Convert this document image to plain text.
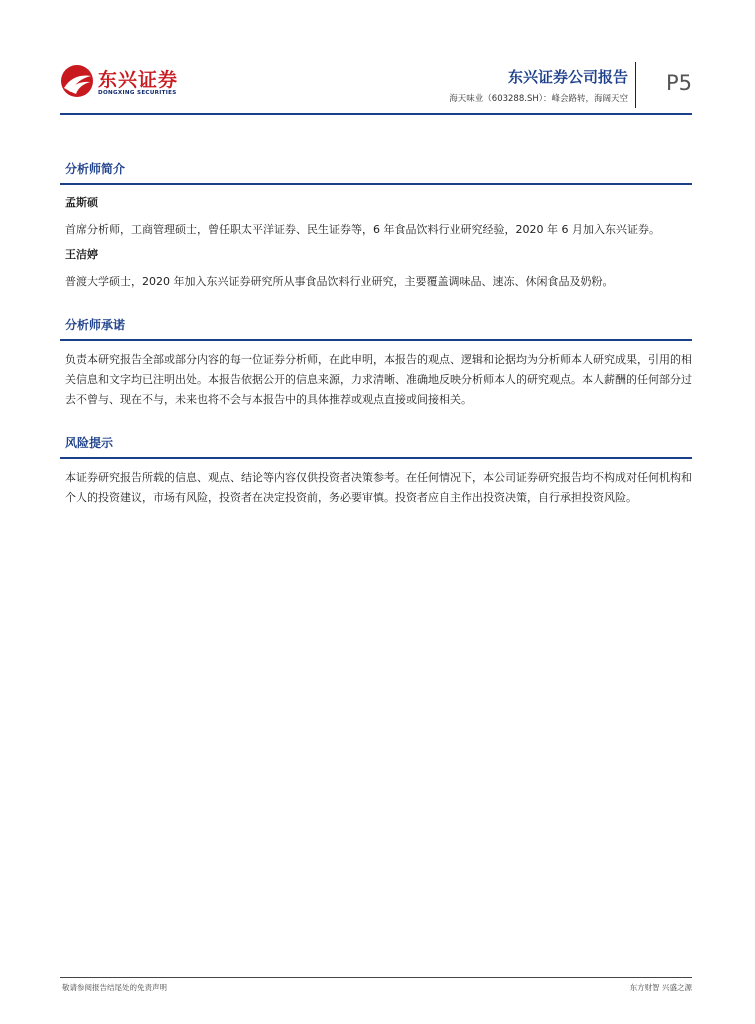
东兴证券
DONGXING SECURITIES
东兴证券公司报告
海天味业（603288.SH）：峰会路转，海阔天空
P5
分析师简介
孟斯硕

首席分析师，工商管理硕士，曾任职太平洋证券、民生证券等，6 年食品饮料行业研究经验，2020 年 6 月加入东兴证券。

王洁婷

普渡大学硕士，2020 年加入东兴证券研究所从事食品饮料行业研究，主要覆盖调味品、速冻、休闲食品及奶粉。

分析师承诺

负责本研究报告全部或部分内容的每一位证券分析师，在此申明，本报告的观点、逻辑和论据均为分析师本人研究成果，引用的相关信息和文字均已注明出处。本报告依据公开的信息来源，力求清晰、准确地反映分析师本人的研究观点。本人薪酬的任何部分过去不曾与、现在不与，未来也将不会与本报告中的具体推荐或观点直接或间接相关。

风险提示

本证券研究报告所载的信息、观点、结论等内容仅供投资者决策参考。在任何情况下，本公司证券研究报告均不构成对任何机构和个人的投资建议，市场有风险，投资者在决定投资前，务必要审慎。投资者应自主作出投资决策，自行承担投资风险。

敬请参阅报告结尾处的免责声明	东方财智 兴盛之源
